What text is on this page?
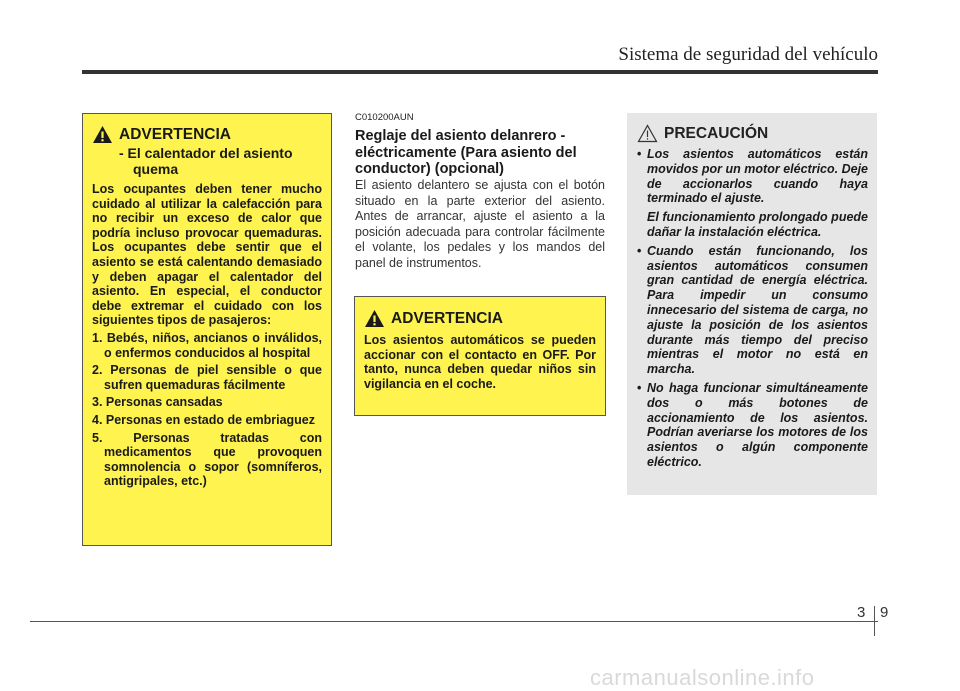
Sistema de seguridad del vehículo
ADVERTENCIA
- El calentador del asiento
quema

Los ocupantes deben tener mucho cuidado al utilizar la calefacción para no recibir un exceso de calor que podría incluso provocar quemaduras. Los ocupantes debe sentir que el asiento se está calentando demasiado y deben apagar el calentador del asiento. En especial, el conductor debe extremar el cuidado con los siguientes tipos de pasajeros:

1. Bebés, niños, ancianos o inválidos, o enfermos conducidos al hospital
2. Personas de piel sensible o que sufren quemaduras fácilmente
3. Personas cansadas
4. Personas en estado de embriaguez
5. Personas tratadas con medicamentos que provoquen somnolencia o sopor (somníferos, antigripales, etc.)
C010200AUN
Reglaje del asiento delanrero - eléctricamente (Para asiento del conductor) (opcional)

El asiento delantero se ajusta con el botón situado en la parte exterior del asiento. Antes de arrancar, ajuste el asiento a la posición adecuada para controlar fácilmente el volante, los pedales y los mandos del panel de instrumentos.

ADVERTENCIA
Los asientos automáticos se pueden accionar con el contacto en OFF. Por tanto, nunca deben quedar niños sin vigilancia en el coche.
PRECAUCIÓN

• Los asientos automáticos están movidos por un motor eléctrico. Deje de accionarlos cuando haya terminado el ajuste.

El funcionamiento prolongado puede dañar la instalación eléctrica.

• Cuando están funcionando, los asientos automáticos consumen gran cantidad de energía eléctrica. Para impedir un consumo innecesario del sistema de carga, no ajuste la posición de los asientos durante más tiempo del preciso mientras el motor no está en marcha.

• No haga funcionar simultáneamente dos o más botones de accionamiento de los asientos. Podrían averiarse los motores de los asientos o algún componente eléctrico.

3 9
carmanualsonline.info
